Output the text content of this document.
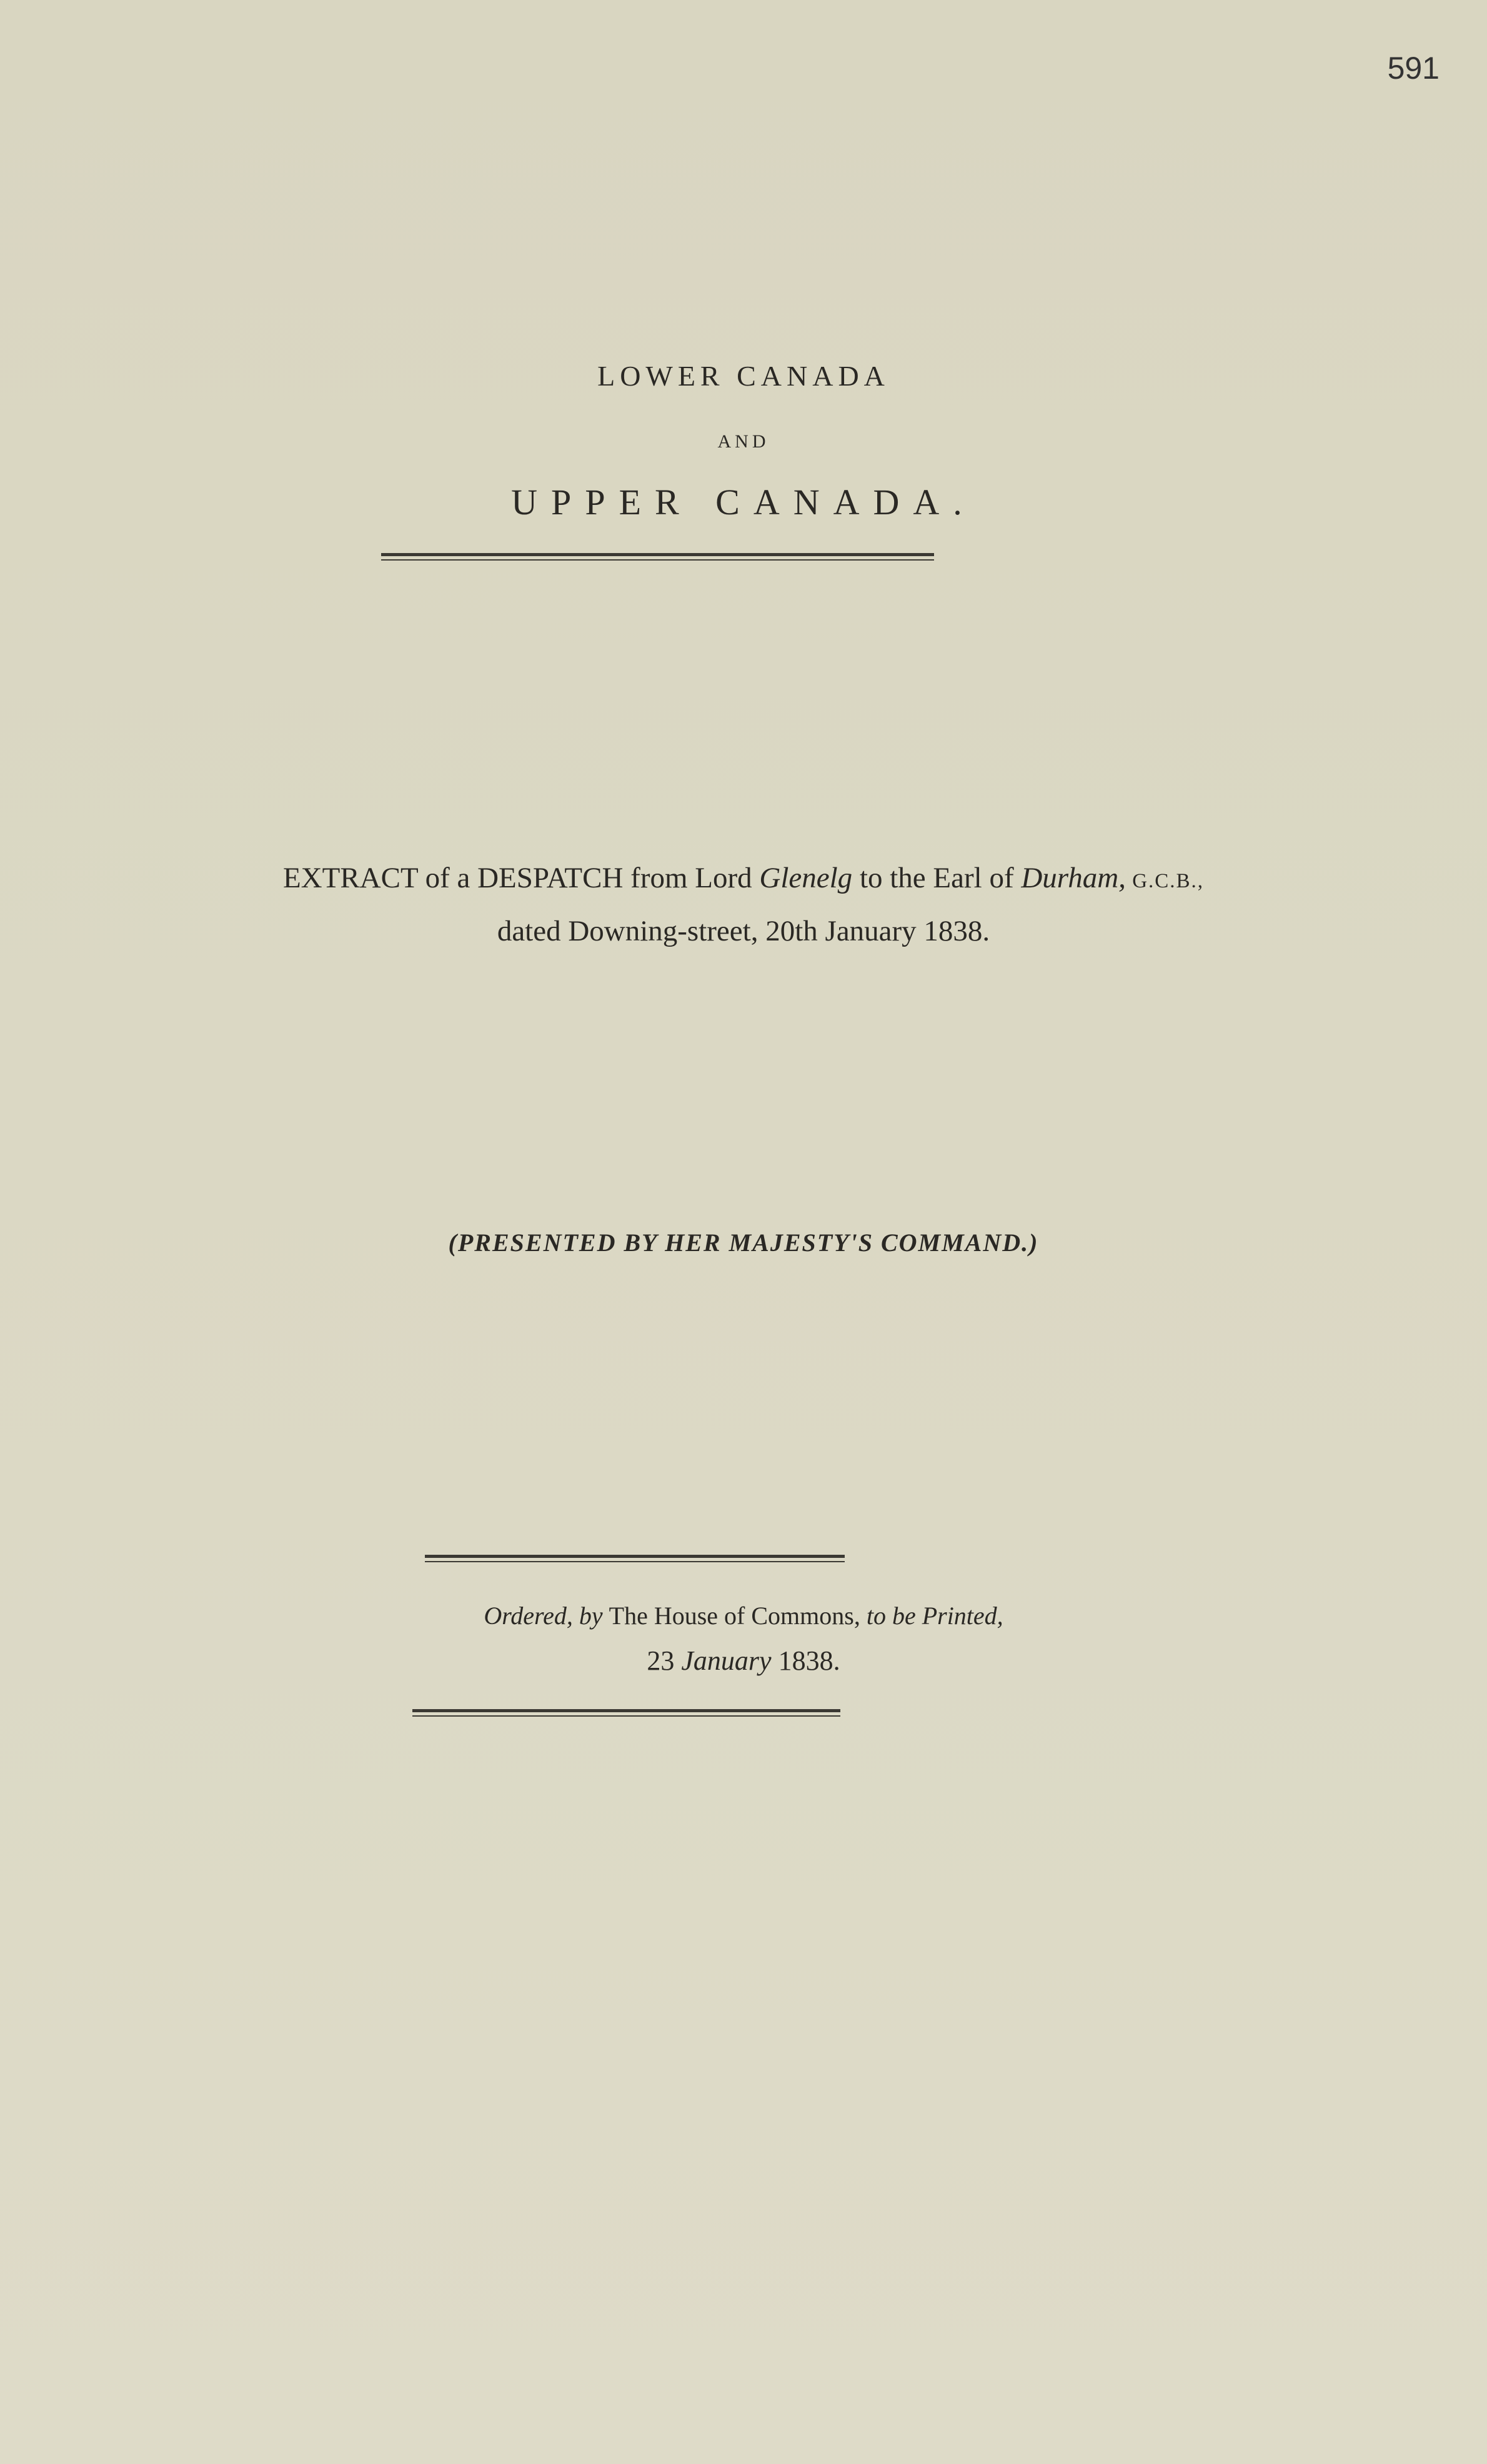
591
LOWER CANADA
AND
UPPER CANADA.
EXTRACT of a DESPATCH from Lord Glenelg to the Earl of Durham, G.C.B.,
dated Downing-street, 20th January 1838.
(PRESENTED BY HER MAJESTY'S COMMAND.)
Ordered, by The House of Commons, to be Printed,
23 January 1838.
